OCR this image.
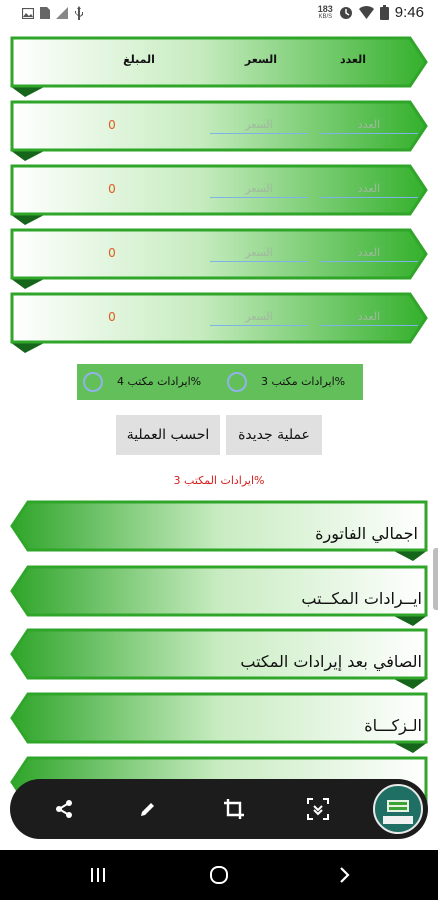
183
KB/S	9:46
العدد
السعر
المبلغ
العدد
السعر
0
العدد
السعر
0
العدد
السعر
0
العدد
السعر
0
ايرادات مكتب 3%
ايرادات مكتب 4%
عملية جديدة
احسب العملية
ايرادات المكتب 3%
اجمالي الفاتورة
ايــرادات المكــتب
الصافي بعد إيرادات المكتب
الـزكـــاة
